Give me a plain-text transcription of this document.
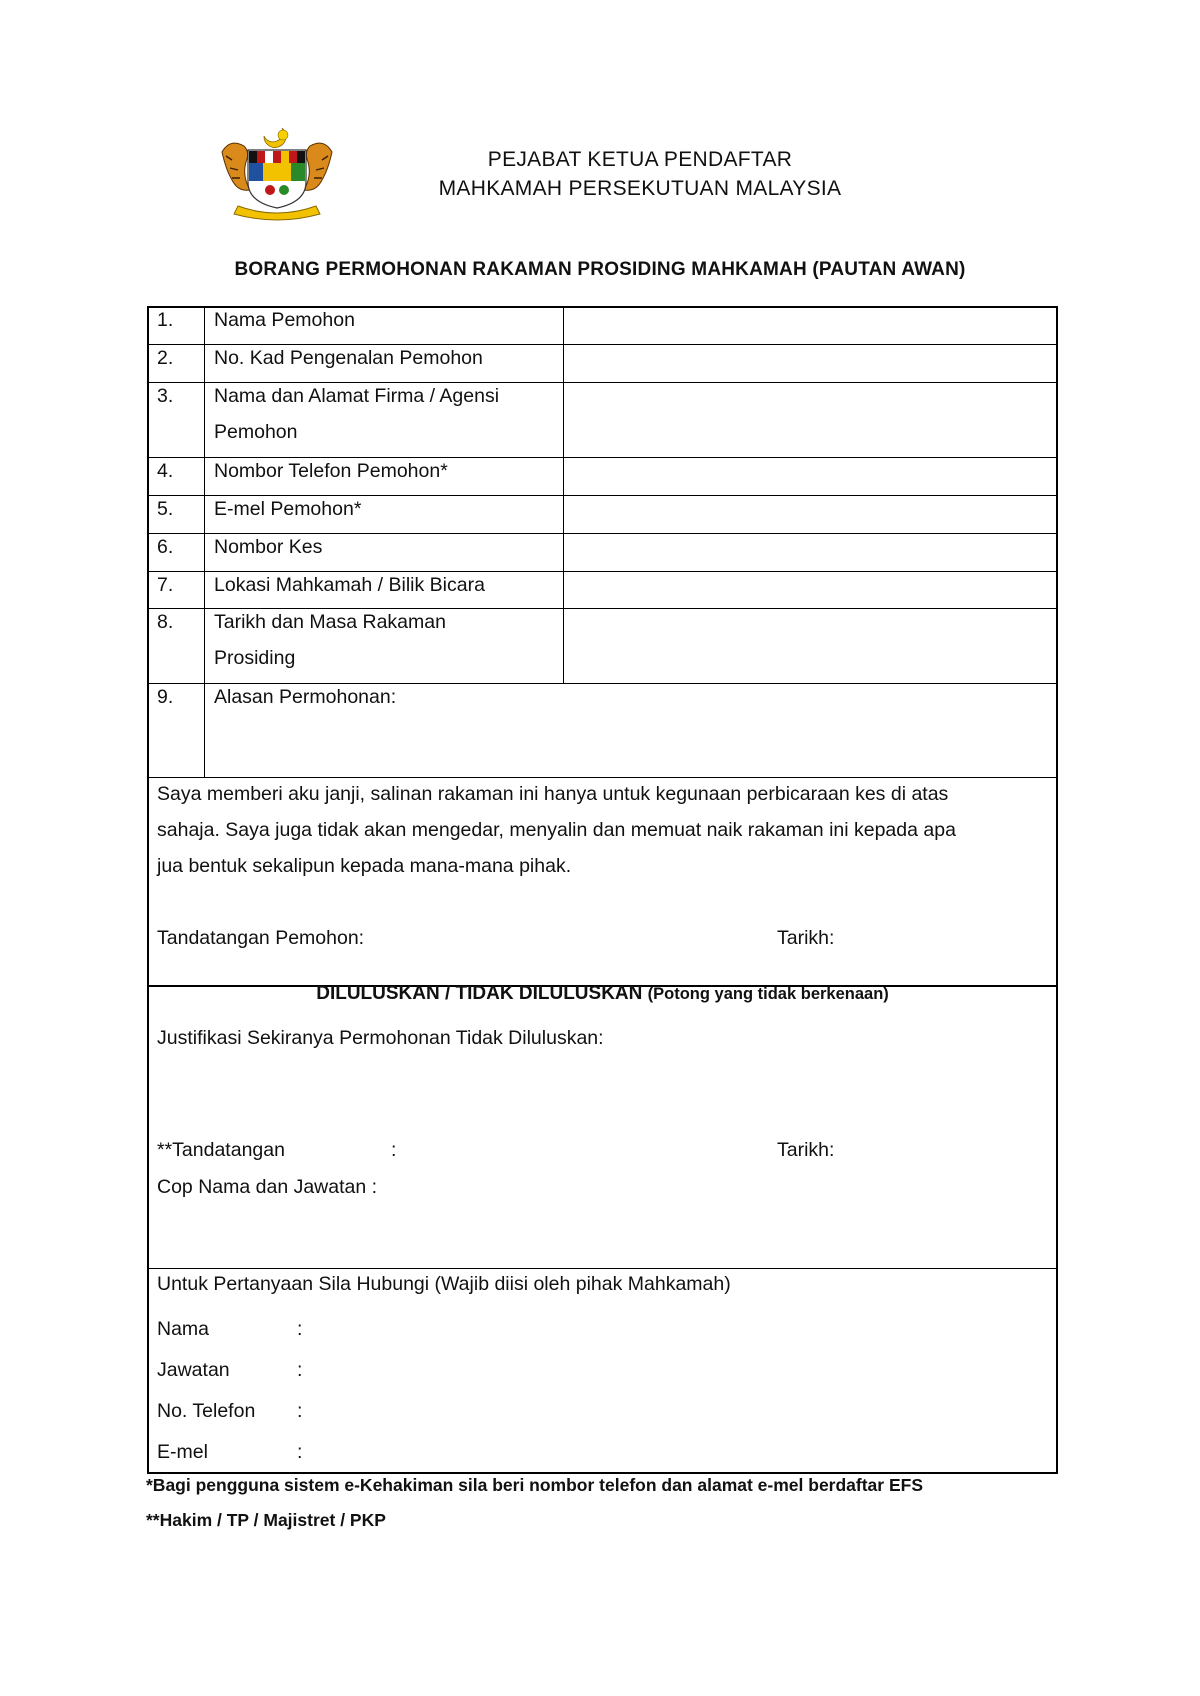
PEJABAT KETUA PENDAFTAR
MAHKAMAH PERSEKUTUAN MALAYSIA
BORANG PERMOHONAN RAKAMAN PROSIDING MAHKAMAH (PAUTAN AWAN)
1. Nama Pemohon
2. No. Kad Pengenalan Pemohon
3. Nama dan Alamat Firma / Agensi
Pemohon
4. Nombor Telefon Pemohon*
5. E-mel Pemohon*
6. Nombor Kes
7. Lokasi Mahkamah / Bilik Bicara
8. Tarikh dan Masa Rakaman
Prosiding
9. Alasan Permohonan:
Saya memberi aku janji, salinan rakaman ini hanya untuk kegunaan perbicaraan kes di atas
sahaja. Saya juga tidak akan mengedar, menyalin dan memuat naik rakaman ini kepada apa
jua bentuk sekalipun kepada mana-mana pihak.
Tandatangan Pemohon:	Tarikh:
DILULUSKAN / TIDAK DILULUSKAN (Potong yang tidak berkenaan)
Justifikasi Sekiranya Permohonan Tidak Diluluskan:
**Tandatangan	:	Tarikh:
Cop Nama dan Jawatan :
Untuk Pertanyaan Sila Hubungi (Wajib diisi oleh pihak Mahkamah)
Nama	:
Jawatan	:
No. Telefon :
E-mel	:
*Bagi pengguna sistem e-Kehakiman sila beri nombor telefon dan alamat e-mel berdaftar EFS
**Hakim / TP / Majistret / PKP
